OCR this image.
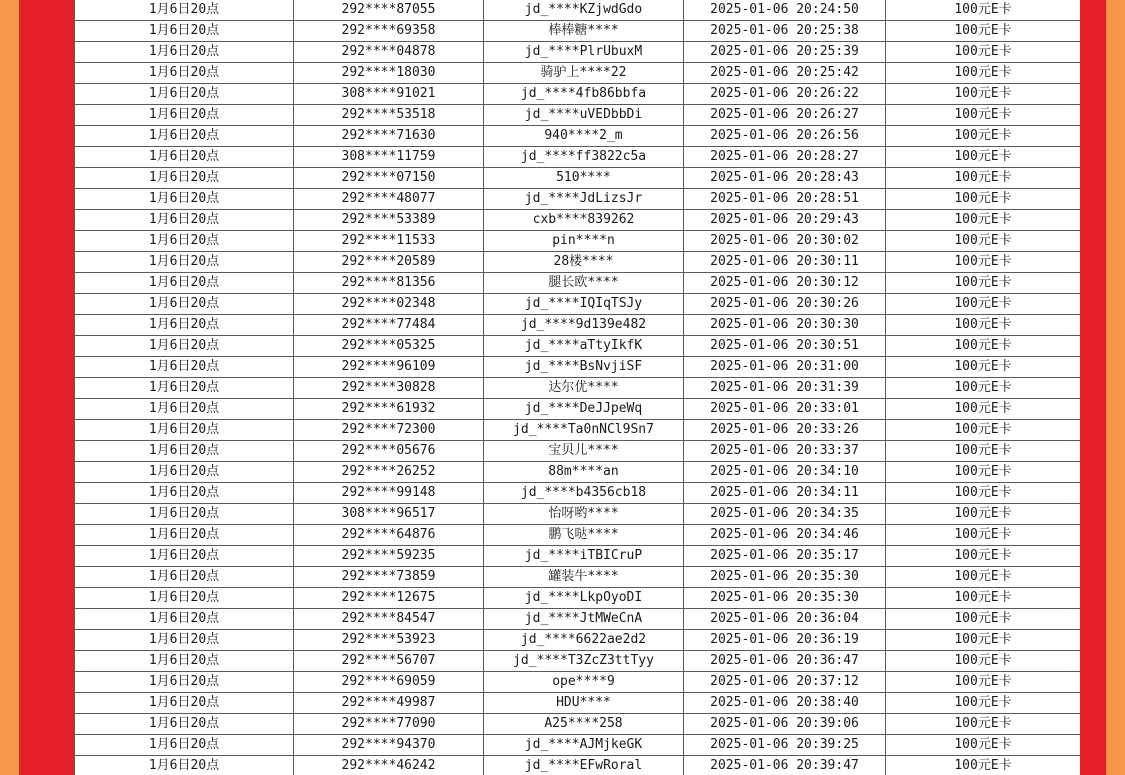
1月6日20点	292****87055	jd_****KZjwdGdo	2025-01-06 20:24:50	100元E卡
1月6日20点	292****69358	棒棒糖****	2025-01-06 20:25:38	100元E卡
1月6日20点	292****04878	jd_****PlrUbuxM	2025-01-06 20:25:39	100元E卡
1月6日20点	292****18030	骑驴上****22	2025-01-06 20:25:42	100元E卡
1月6日20点	308****91021	jd_****4fb86bbfa	2025-01-06 20:26:22	100元E卡
1月6日20点	292****53518	jd_****uVEDbbDi	2025-01-06 20:26:27	100元E卡
1月6日20点	292****71630	940****2_m	2025-01-06 20:26:56	100元E卡
1月6日20点	308****11759	jd_****ff3822c5a	2025-01-06 20:28:27	100元E卡
1月6日20点	292****07150	510****	2025-01-06 20:28:43	100元E卡
1月6日20点	292****48077	jd_****JdLizsJr	2025-01-06 20:28:51	100元E卡
1月6日20点	292****53389	cxb****839262	2025-01-06 20:29:43	100元E卡
1月6日20点	292****11533	pin****n	2025-01-06 20:30:02	100元E卡
1月6日20点	292****20589	28楼****	2025-01-06 20:30:11	100元E卡
1月6日20点	292****81356	腿长欧****	2025-01-06 20:30:12	100元E卡
1月6日20点	292****02348	jd_****IQIqTSJy	2025-01-06 20:30:26	100元E卡
1月6日20点	292****77484	jd_****9d139e482	2025-01-06 20:30:30	100元E卡
1月6日20点	292****05325	jd_****aTtyIkfK	2025-01-06 20:30:51	100元E卡
1月6日20点	292****96109	jd_****BsNvjiSF	2025-01-06 20:31:00	100元E卡
1月6日20点	292****30828	达尔优****	2025-01-06 20:31:39	100元E卡
1月6日20点	292****61932	jd_****DeJJpeWq	2025-01-06 20:33:01	100元E卡
1月6日20点	292****72300	jd_****Ta0nNCl9Sn7	2025-01-06 20:33:26	100元E卡
1月6日20点	292****05676	宝贝儿****	2025-01-06 20:33:37	100元E卡
1月6日20点	292****26252	88m****an	2025-01-06 20:34:10	100元E卡
1月6日20点	292****99148	jd_****b4356cb18	2025-01-06 20:34:11	100元E卡
1月6日20点	308****96517	怡呀哟****	2025-01-06 20:34:35	100元E卡
1月6日20点	292****64876	鹏飞哒****	2025-01-06 20:34:46	100元E卡
1月6日20点	292****59235	jd_****iTBICruP	2025-01-06 20:35:17	100元E卡
1月6日20点	292****73859	罐装牛****	2025-01-06 20:35:30	100元E卡
1月6日20点	292****12675	jd_****LkpOyoDI	2025-01-06 20:35:30	100元E卡
1月6日20点	292****84547	jd_****JtMWeCnA	2025-01-06 20:36:04	100元E卡
1月6日20点	292****53923	jd_****6622ae2d2	2025-01-06 20:36:19	100元E卡
1月6日20点	292****56707	jd_****T3ZcZ3ttTyy	2025-01-06 20:36:47	100元E卡
1月6日20点	292****69059	ope****9	2025-01-06 20:37:12	100元E卡
1月6日20点	292****49987	HDU****	2025-01-06 20:38:40	100元E卡
1月6日20点	292****77090	A25****258	2025-01-06 20:39:06	100元E卡
1月6日20点	292****94370	jd_****AJMjkeGK	2025-01-06 20:39:25	100元E卡
1月6日20点	292****46242	jd_****EFwRoral	2025-01-06 20:39:47	100元E卡
